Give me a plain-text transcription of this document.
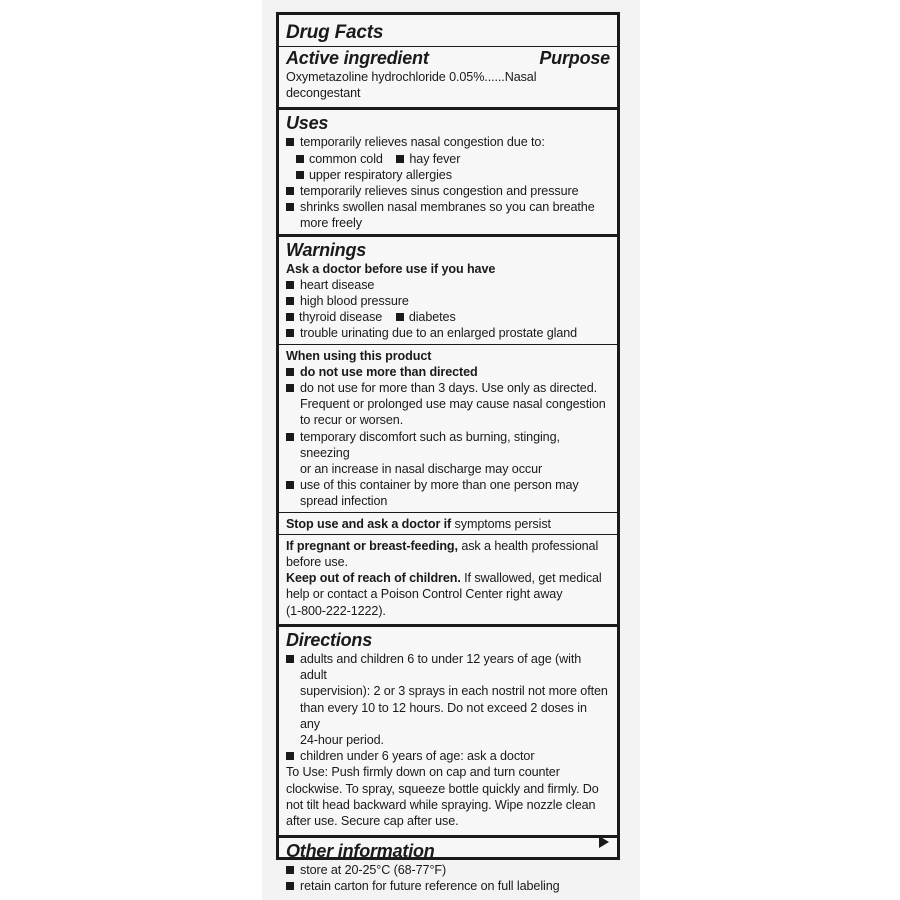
Drug Facts
Active ingredient	Purpose
Oxymetazoline hydrochloride 0.05%......Nasal decongestant
Uses
temporarily relieves nasal congestion due to:
common cold hay fever
upper respiratory allergies
temporarily relieves sinus congestion and pressure
shrinks swollen nasal membranes so you can breathe
more freely
Warnings
Ask a doctor before use if you have
heart disease
high blood pressure
thyroid disease diabetes
trouble urinating due to an enlarged prostate gland
When using this product
do not use more than directed
do not use for more than 3 days. Use only as directed.
Frequent or prolonged use may cause nasal congestion
to recur or worsen.
temporary discomfort such as burning, stinging, sneezing
or an increase in nasal discharge may occur
use of this container by more than one person may
spread infection
Stop use and ask a doctor if symptoms persist
If pregnant or breast-feeding, ask a health professional
before use.
Keep out of reach of children. If swallowed, get medical
help or contact a Poison Control Center right away
(1-800-222-1222).
Directions
adults and children 6 to under 12 years of age (with adult
supervision): 2 or 3 sprays in each nostril not more often
than every 10 to 12 hours. Do not exceed 2 doses in any
24-hour period.
children under 6 years of age: ask a doctor
To Use: Push firmly down on cap and turn counter
clockwise. To spray, squeeze bottle quickly and firmly. Do
not tilt head backward while spraying. Wipe nozzle clean
after use. Secure cap after use.
Other information
store at 20-25°C (68-77°F)
retain carton for future reference on full labeling
